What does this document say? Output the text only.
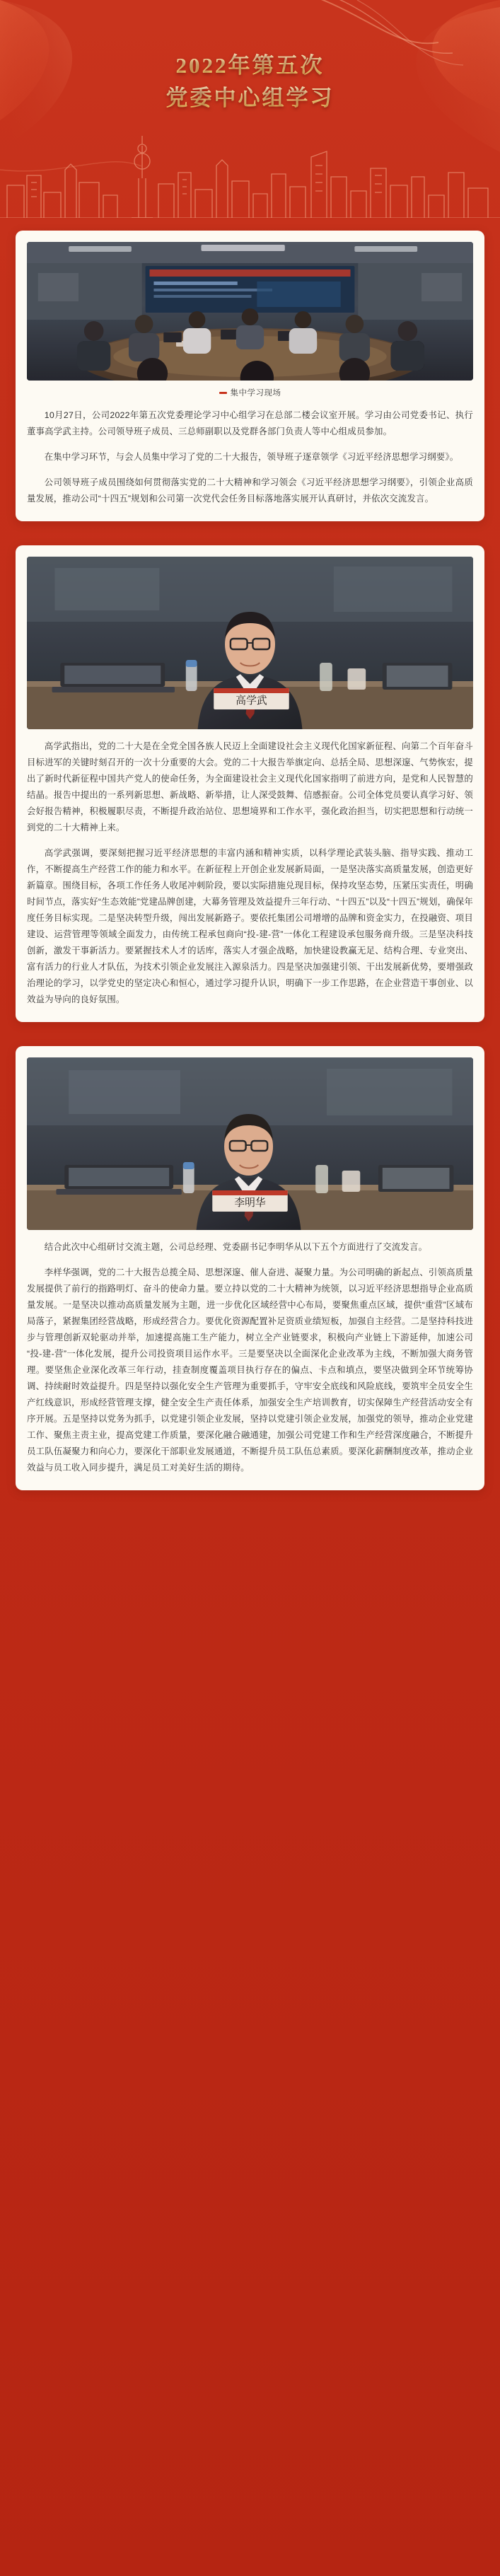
2022年第五次
党委中心组学习
集中学习现场

10月27日，公司2022年第五次党委理论学习中心组学习在总部二楼会议室开展。学习由公司党委书记、执行董事高学武主持。公司领导班子成员、三总师副职以及党群各部门负责人等中心组成员参加。

在集中学习环节，与会人员集中学习了党的二十大报告，领导班子逐章领学《习近平经济思想学习纲要》。

公司领导班子成员围绕如何贯彻落实党的二十大精神和学习领会《习近平经济思想学习纲要》，引领企业高质量发展，推动公司“十四五”规划和公司第一次党代会任务目标落地落实展开认真研讨，并依次交流发言。

高学武

高学武指出，党的二十大是在全党全国各族人民迈上全面建设社会主义现代化国家新征程、向第二个百年奋斗目标进军的关键时刻召开的一次十分重要的大会。党的二十大报告举旗定向、总括全局、思想深邃、气势恢宏，提出了新时代新征程中国共产党人的使命任务，为全面建设社会主义现代化国家指明了前进方向，是党和人民智慧的结晶。报告中提出的一系列新思想、新战略、新举措，让人深受鼓舞、信感振奋。公司全体党员要认真学习好、领会好报告精神，积极履职尽责，不断提升政治站位、思想境界和工作水平，强化政治担当，切实把思想和行动统一到党的二十大精神上来。

高学武强调，要深刻把握习近平经济思想的丰富内涵和精神实质，以科学理论武装头脑、指导实践、推动工作，不断提高生产经营工作的能力和水平。在新征程上开创企业发展新局面，一是坚决落实高质量发展，创造更好新篇章。围绕目标，各项工作任务人收尾冲刺阶段，要以实际措施兑现目标，保持攻坚态势，压紧压实责任，明确时间节点，落实好“生态效能”党建品牌创建，大幕务管理及效益提升三年行动、“十四五”以及“十四五”规划，确保年度任务目标实现。二是坚决转型升级，闯出发展新路子。要依托集团公司增增的品牌和资金实力，在投融资、项目建设、运营管理等领域全面发力，由传统工程承包商向“投-建-营”一体化工程建设承包服务商升级。三是坚决科技创新，激发干事新活力。要紧握技术人才的话库，落实人才强企战略，加快建设教赢无足、结构合理、专业突出、富有活力的行业人才队伍，为技术引领企业发展注入源泉活力。四是坚决加强建引领、干出发展新优势，要增强政治理论的学习，以学党史的坚定决心和恒心，通过学习提升认识，明确下一步工作思路，在企业营造干事创业、以效益为导向的良好氛围。

李明华

结合此次中心组研讨交流主题，公司总经理、党委副书记李明华从以下五个方面进行了交流发言。

李样华强调，党的二十大报告总揽全局、思想深邃、催人奋进、凝聚力量。为公司明确的新起点、引领高质量发展提供了前行的指路明灯、奋斗的使命力量。要立持以党的二十大精神为统领，以习近平经济思想指导企业高质量发展。一是坚决以推动高质量发展为主题，进一步优化区域经营中心布局，要聚焦重点区域，提供“重营”区域布局落子，紧握集团经营战略，形成经营合力。要优化资源配置补足资质业绩短板，加强自主经营。二是坚持科技进步与管理创新双轮驱动并举，加速提高施工生产能力，树立全产业链要求，积极向产业链上下游延伸，加速公司“投-建-营”一体化发展，提升公司投资项目运作水平。三是要坚决以全面深化企业改革为主线，不断加强大商务管理。要坚焦企业深化改革三年行动，挂查制度覆盖项目执行存在的偏点、卡点和填点，要坚决做到全环节统筹协调、持续耐时效益提升。四是坚持以强化安全生产管理为重要抓手，守牢安全底线和风险底线，要筑牢全员安全生产红线意识，形成经营管理支撑，健全安全生产责任体系，加强安全生产培训教育，切实保障生产经营活动安全有序开展。五是坚持以党务为抓手，以党建引领企业发展，坚持以党建引领企业发展，加强党的领导，推动企业党建工作、聚焦主责主业，提高党建工作质量，要深化融合融通建，加强公司党建工作和生产经营深度融合，不断提升员工队伍凝聚力和向心力，要深化干部职业发展通道，不断提升员工队伍总素质。要深化薪酬制度改革，推动企业效益与员工收入同步提升，满足员工对美好生活的期待。
